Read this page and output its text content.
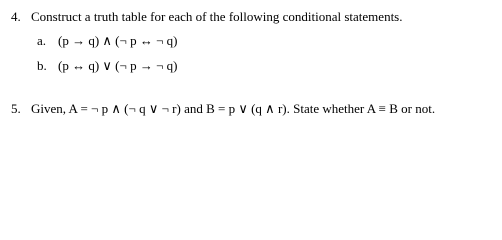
4. Construct a truth table for each of the following conditional statements.
a. (p → q) ∧ (¬ p ↔ ¬ q)
b. (p ↔ q) ∨ (¬ p → ¬ q)
5. Given, A = ¬ p ∧ (¬ q ∨ ¬ r) and B = p ∨ (q ∧ r). State whether A ≡ B or not.
